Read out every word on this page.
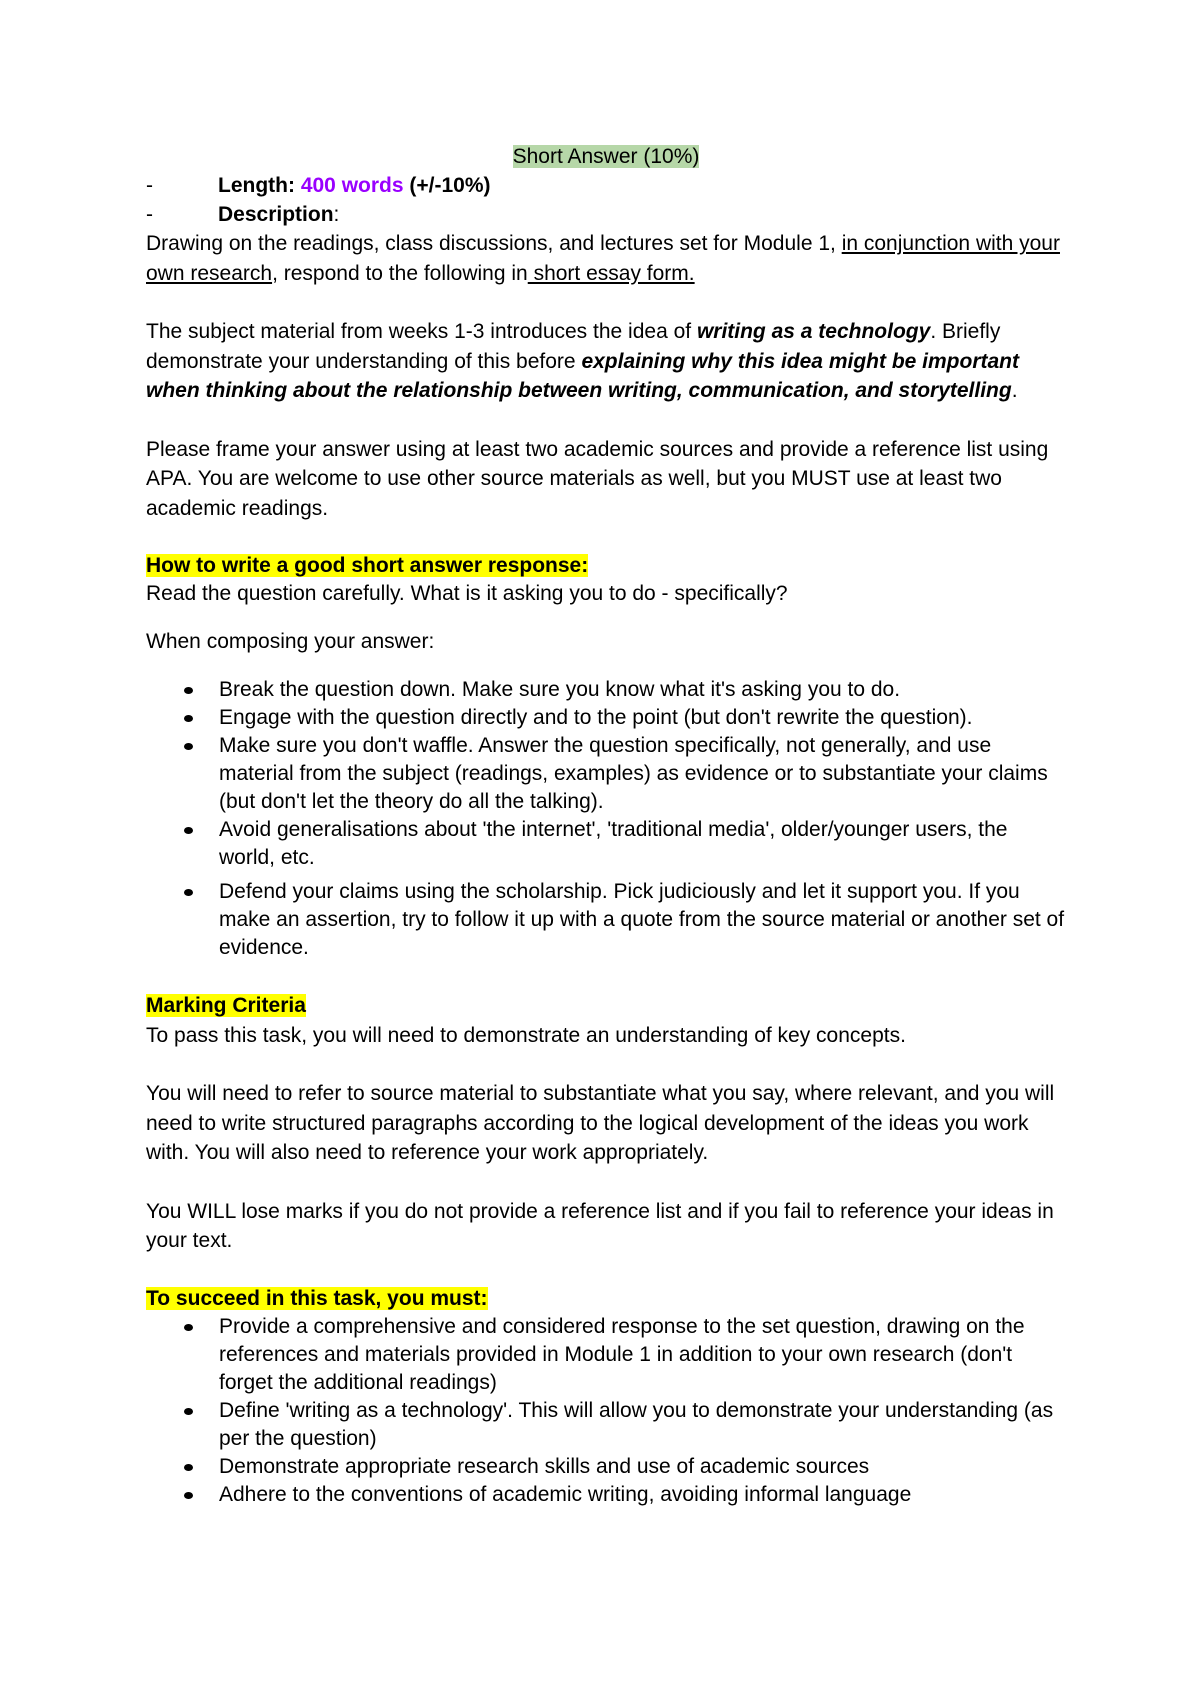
Short Answer (10%)

-	Length: 400 words (+/-10%)
-	Description:

Drawing on the readings, class discussions, and lectures set for Module 1, in conjunction with your own research, respond to the following in short essay form.

The subject material from weeks 1-3 introduces the idea of writing as a technology. Briefly demonstrate your understanding of this before explaining why this idea might be important when thinking about the relationship between writing, communication, and storytelling.

Please frame your answer using at least two academic sources and provide a reference list using APA. You are welcome to use other source materials as well, but you MUST use at least two academic readings.

How to write a good short answer response:

Read the question carefully. What is it asking you to do - specifically?

When composing your answer:

Break the question down. Make sure you know what it's asking you to do.
Engage with the question directly and to the point (but don't rewrite the question).
Make sure you don't waffle. Answer the question specifically, not generally, and use material from the subject (readings, examples) as evidence or to substantiate your claims (but don't let the theory do all the talking).
Avoid generalisations about 'the internet', 'traditional media', older/younger users, the world, etc.
Defend your claims using the scholarship. Pick judiciously and let it support you. If you make an assertion, try to follow it up with a quote from the source material or another set of evidence.

Marking Criteria

To pass this task, you will need to demonstrate an understanding of key concepts.

You will need to refer to source material to substantiate what you say, where relevant, and you will need to write structured paragraphs according to the logical development of the ideas you work with. You will also need to reference your work appropriately.

You WILL lose marks if you do not provide a reference list and if you fail to reference your ideas in your text.

To succeed in this task, you must:

Provide a comprehensive and considered response to the set question, drawing on the references and materials provided in Module 1 in addition to your own research (don't forget the additional readings)
Define 'writing as a technology'. This will allow you to demonstrate your understanding (as per the question)
Demonstrate appropriate research skills and use of academic sources
Adhere to the conventions of academic writing, avoiding informal language
